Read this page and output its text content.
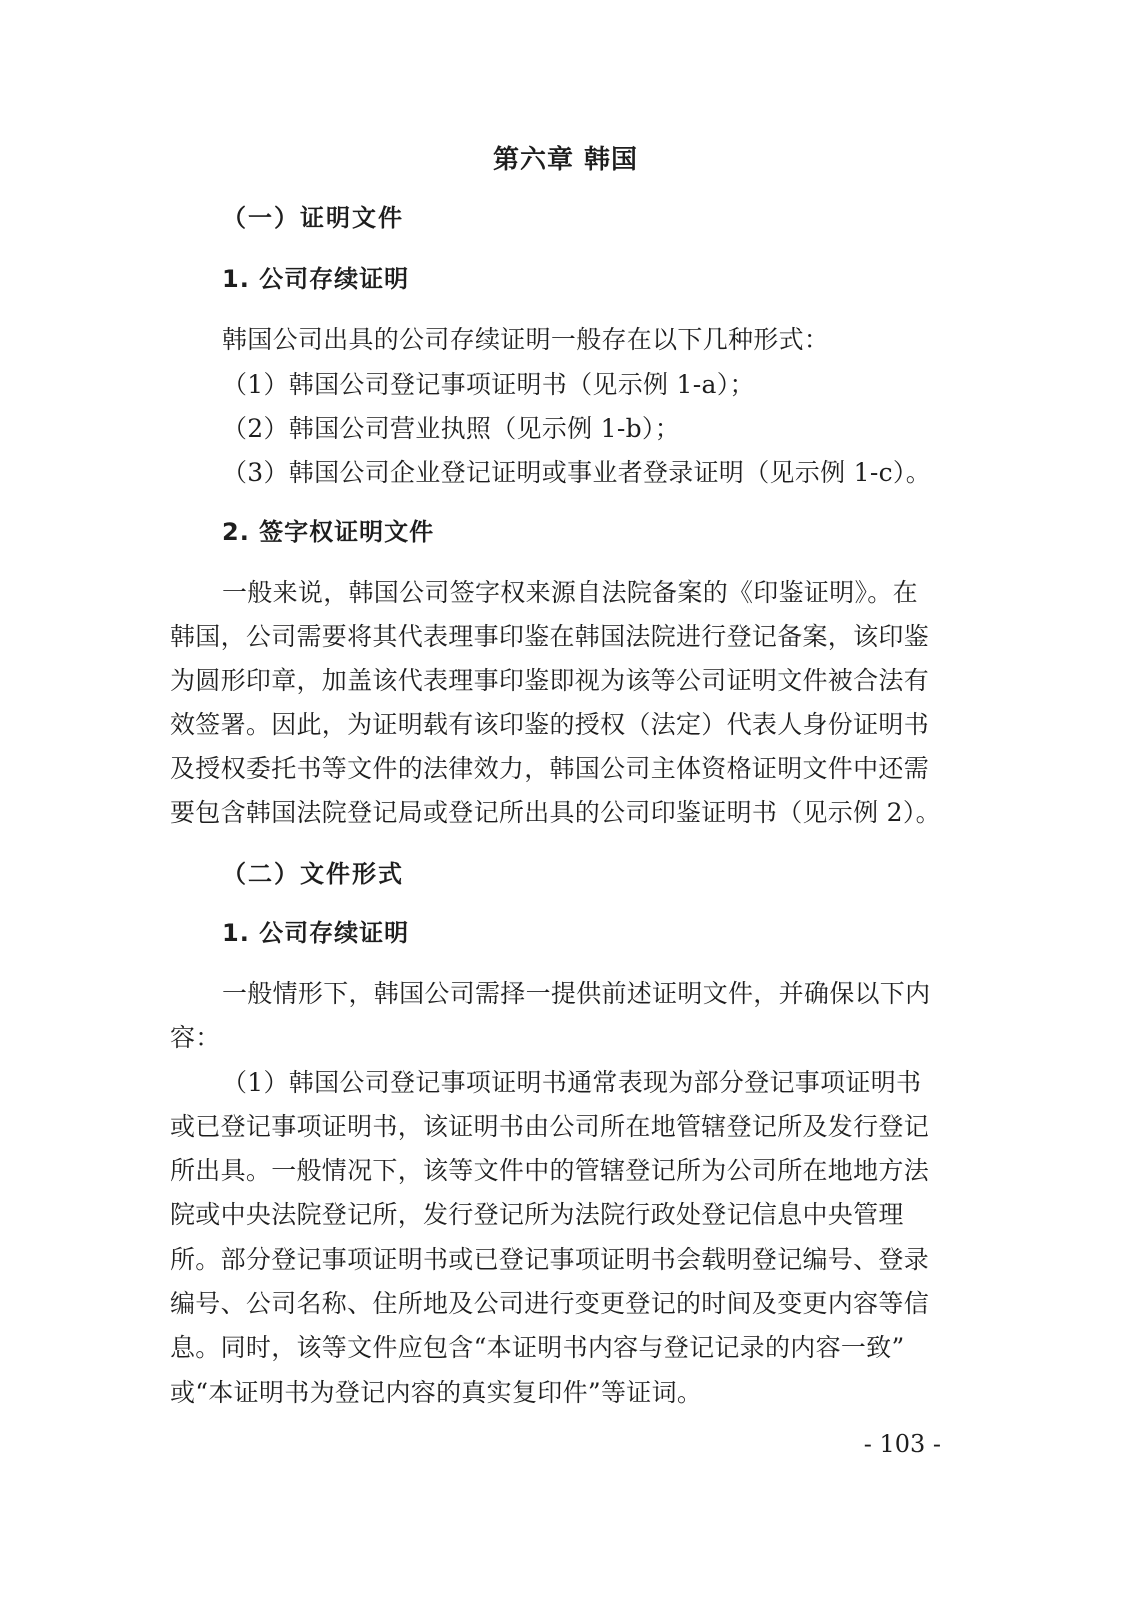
第六章 韩国
（一）证明文件
1. 公司存续证明
韩国公司出具的公司存续证明一般存在以下几种形式：
（1）韩国公司登记事项证明书（见示例 1-a）；
（2）韩国公司营业执照（见示例 1-b）；
（3）韩国公司企业登记证明或事业者登录证明（见示例 1-c）。
2. 签字权证明文件
一般来说，韩国公司签字权来源自法院备案的《印鉴证明》。在
韩国，公司需要将其代表理事印鉴在韩国法院进行登记备案，该印鉴
为圆形印章，加盖该代表理事印鉴即视为该等公司证明文件被合法有
效签署。因此，为证明载有该印鉴的授权（法定）代表人身份证明书
及授权委托书等文件的法律效力，韩国公司主体资格证明文件中还需
要包含韩国法院登记局或登记所出具的公司印鉴证明书（见示例 2）。
（二）文件形式
1. 公司存续证明
一般情形下，韩国公司需择一提供前述证明文件，并确保以下内
容：
（1）韩国公司登记事项证明书通常表现为部分登记事项证明书
或已登记事项证明书，该证明书由公司所在地管辖登记所及发行登记
所出具。一般情况下，该等文件中的管辖登记所为公司所在地地方法
院或中央法院登记所，发行登记所为法院行政处登记信息中央管理
所。部分登记事项证明书或已登记事项证明书会载明登记编号、登录
编号、公司名称、住所地及公司进行变更登记的时间及变更内容等信
息。同时，该等文件应包含“本证明书内容与登记记录的内容一致”
或“本证明书为登记内容的真实复印件”等证词。
- 103 -
